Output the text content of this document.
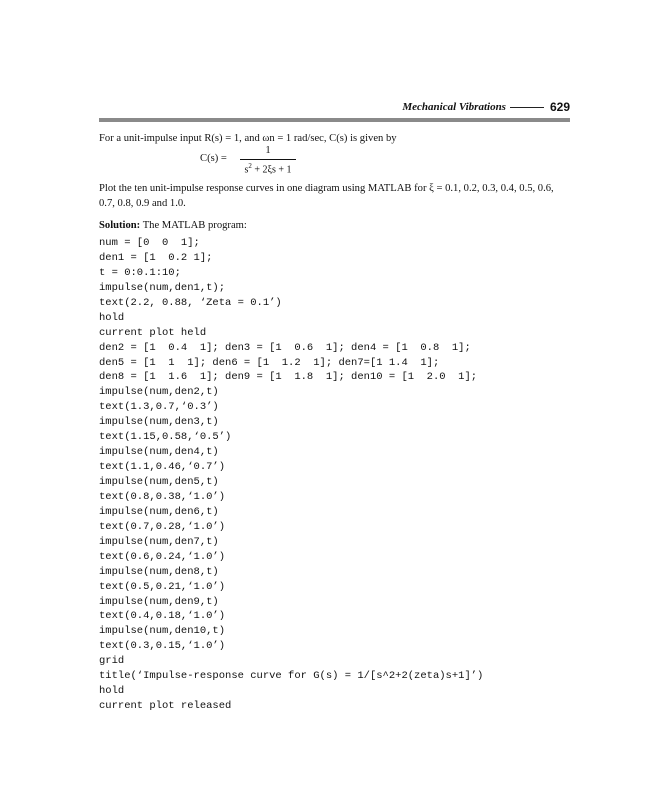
Mechanical Vibrations	629
For a unit-impulse input R(s) = 1, and ωn = 1 rad/sec, C(s) is given by
C(s) =
1
$s^2 + 2\xi s + 1$
Plot the ten unit-impulse response curves in one diagram using MATLAB for ξ = 0.1, 0.2, 0.3, 0.4, 0.5, 0.6, 0.7, 0.8, 0.9 and 1.0.
Solution: The MATLAB program:
num = [0  0  1];
den1 = [1  0.2 1];
t = 0:0.1:10;
impulse(num,den1,t);
text(2.2, 0.88, ‘Zeta = 0.1’)
hold
current plot held
den2 = [1  0.4  1]; den3 = [1  0.6  1]; den4 = [1  0.8  1];
den5 = [1  1  1]; den6 = [1  1.2  1]; den7=[1 1.4  1];
den8 = [1  1.6  1]; den9 = [1  1.8  1]; den10 = [1  2.0  1];
impulse(num,den2,t)
text(1.3,0.7,‘0.3’)
impulse(num,den3,t)
text(1.15,0.58,‘0.5’)
impulse(num,den4,t)
text(1.1,0.46,‘0.7’)
impulse(num,den5,t)
text(0.8,0.38,‘1.0’)
impulse(num,den6,t)
text(0.7,0.28,‘1.0’)
impulse(num,den7,t)
text(0.6,0.24,‘1.0’)
impulse(num,den8,t)
text(0.5,0.21,‘1.0’)
impulse(num,den9,t)
text(0.4,0.18,‘1.0’)
impulse(num,den10,t)
text(0.3,0.15,‘1.0’)
grid
title(‘Impulse-response curve for G(s) = 1/[s^2+2(zeta)s+1]’)
hold
current plot released
